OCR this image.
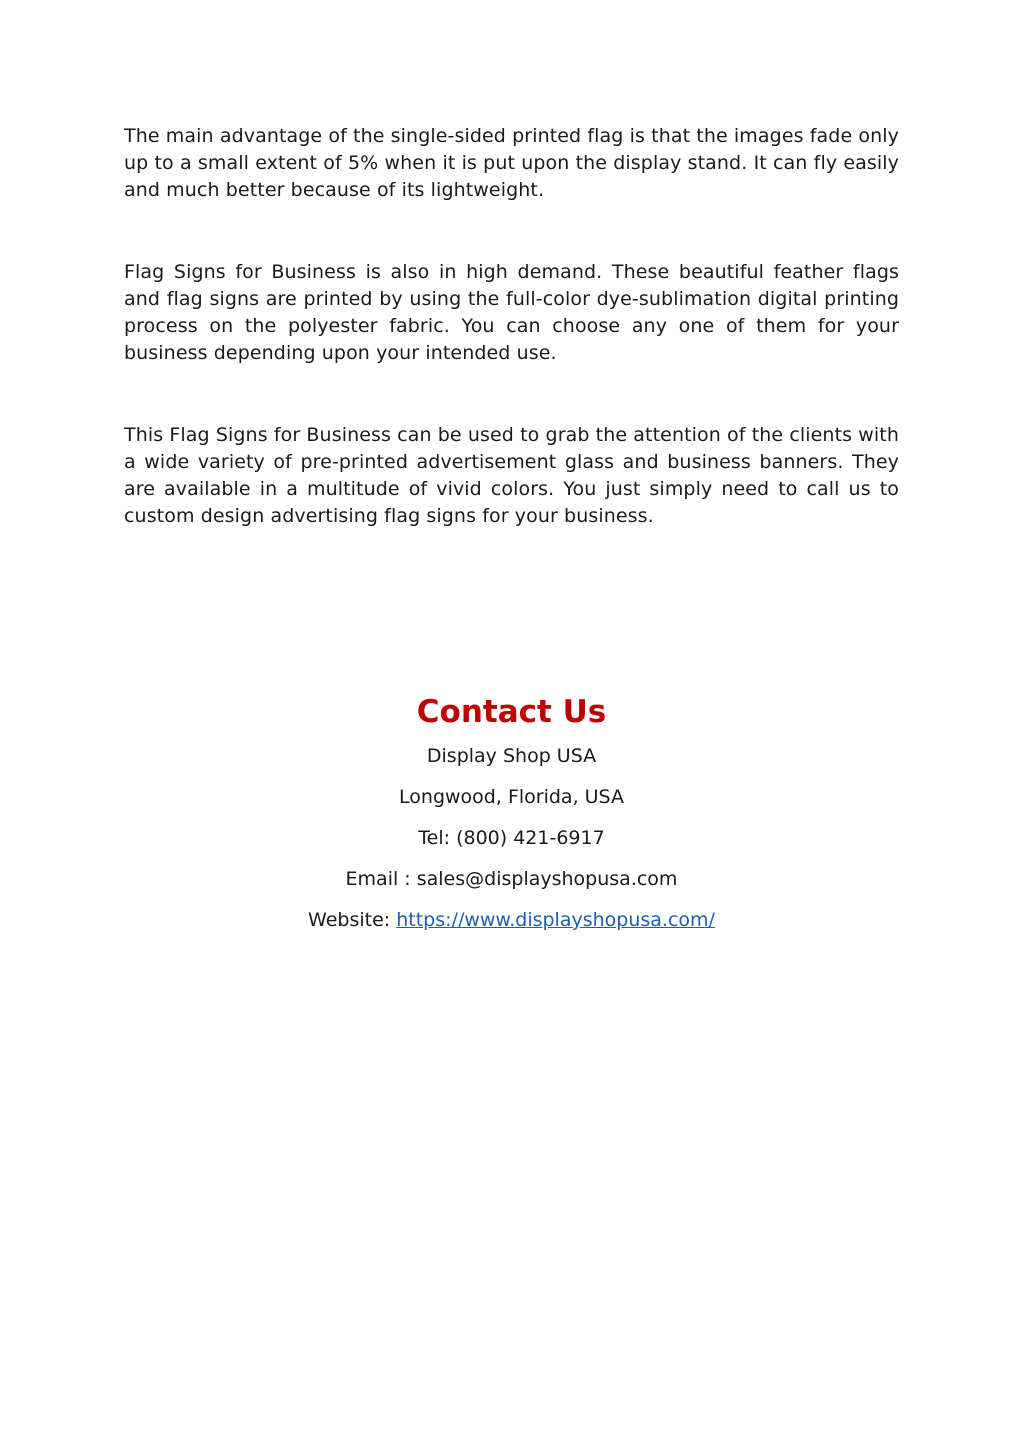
The main advantage of the single-sided printed flag is that the images fade only up to a small extent of 5% when it is put upon the display stand. It can fly easily and much better because of its lightweight.

Flag Signs for Business is also in high demand. These beautiful feather flags and flag signs are printed by using the full-color dye-sublimation digital printing process on the polyester fabric. You can choose any one of them for your business depending upon your intended use.

This Flag Signs for Business can be used to grab the attention of the clients with a wide variety of pre-printed advertisement glass and business banners. They are available in a multitude of vivid colors. You just simply need to call us to custom design advertising flag signs for your business.

Contact Us

Display Shop USA

Longwood, Florida, USA

Tel: (800) 421-6917

Email : sales@displayshopusa.com

Website: https://www.displayshopusa.com/
